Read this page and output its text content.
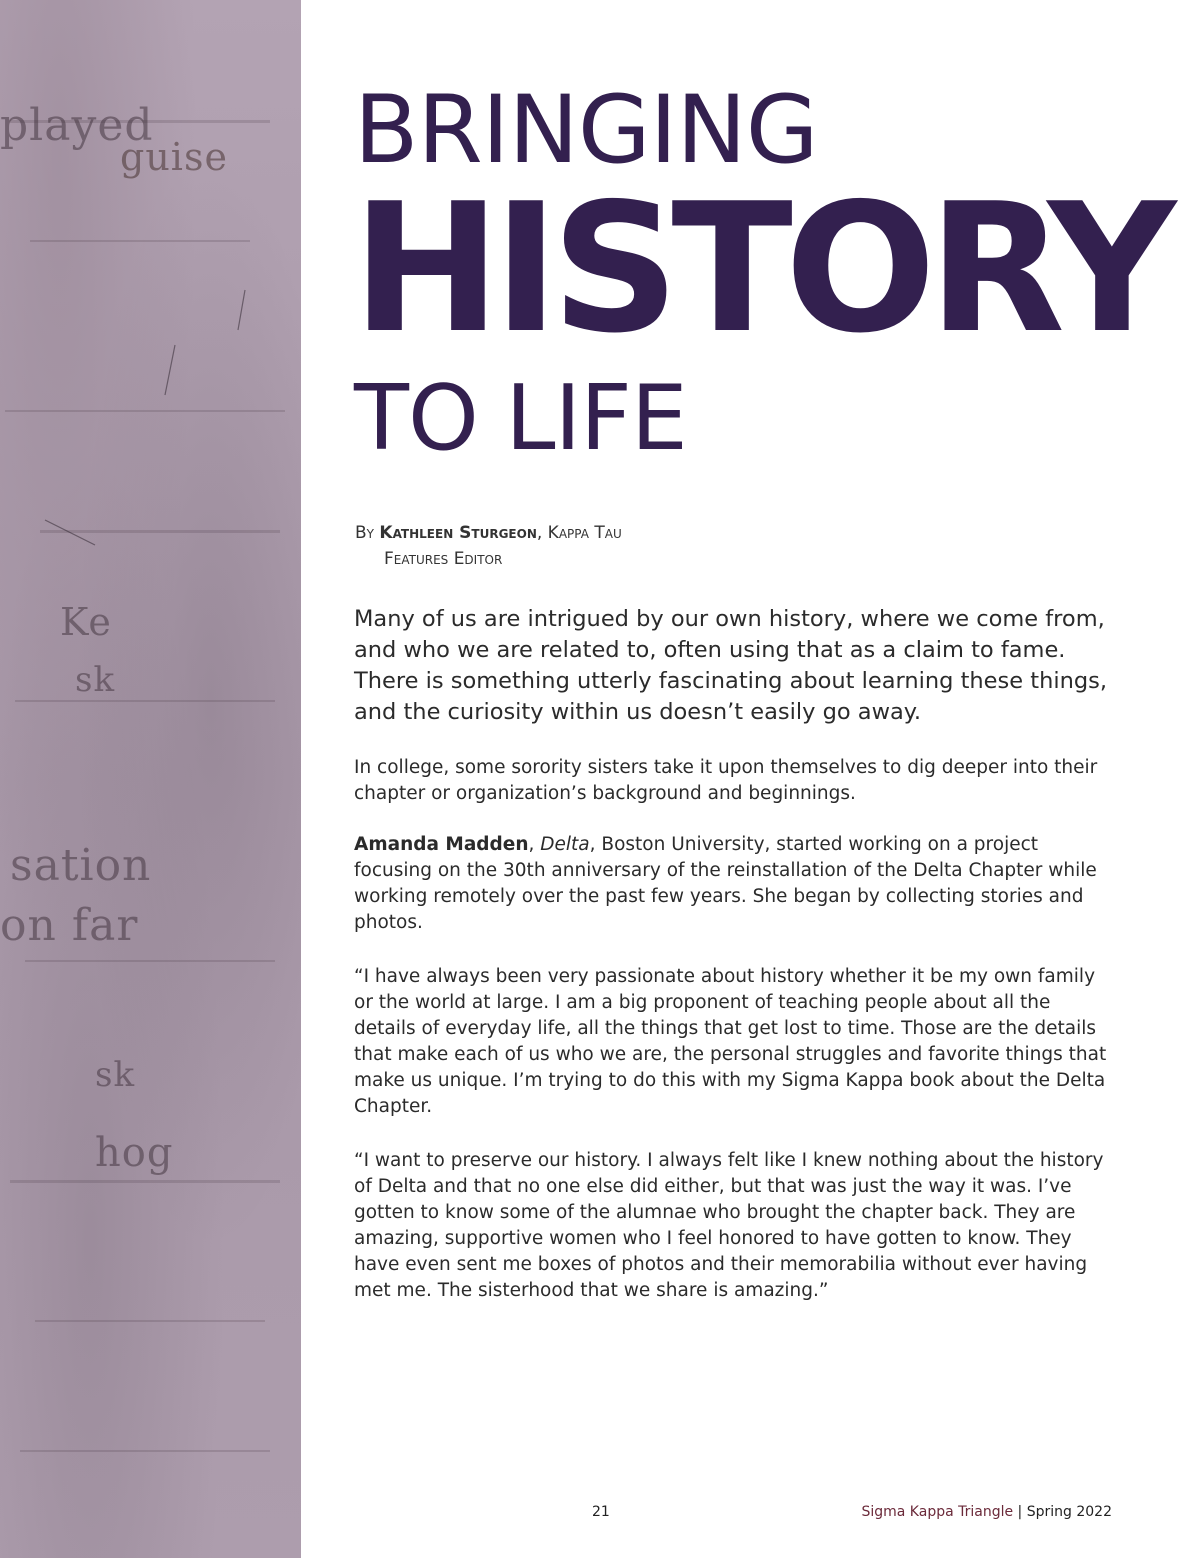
played
guise
sation
on far
sk
hog
Ke
sk
BRINGING
HISTORY
TO LIFE
By Kathleen Sturgeon, Kappa Tau
Features Editor

Many of us are intrigued by our own history, where we come from, and who we are related to, often using that as a claim to fame. There is something utterly fascinating about learning these things, and the curiosity within us doesn’t easily go away.

In college, some sorority sisters take it upon themselves to dig deeper into their chapter or organization’s background and beginnings.

Amanda Madden, Delta, Boston University, started working on a project focusing on the 30th anniversary of the reinstallation of the Delta Chapter while working remotely over the past few years. She began by collecting stories and photos.

“I have always been very passionate about history whether it be my own family or the world at large. I am a big proponent of teaching people about all the details of everyday life, all the things that get lost to time. Those are the details that make each of us who we are, the personal struggles and favorite things that make us unique. I’m trying to do this with my Sigma Kappa book about the Delta Chapter.

“I want to preserve our history. I always felt like I knew nothing about the history of Delta and that no one else did either, but that was just the way it was. I’ve gotten to know some of the alumnae who brought the chapter back. They are amazing, supportive women who I feel honored to have gotten to know. They have even sent me boxes of photos and their memorabilia without ever having met me. The sisterhood that we share is amazing.”

21	Sigma Kappa Triangle | Spring 2022
